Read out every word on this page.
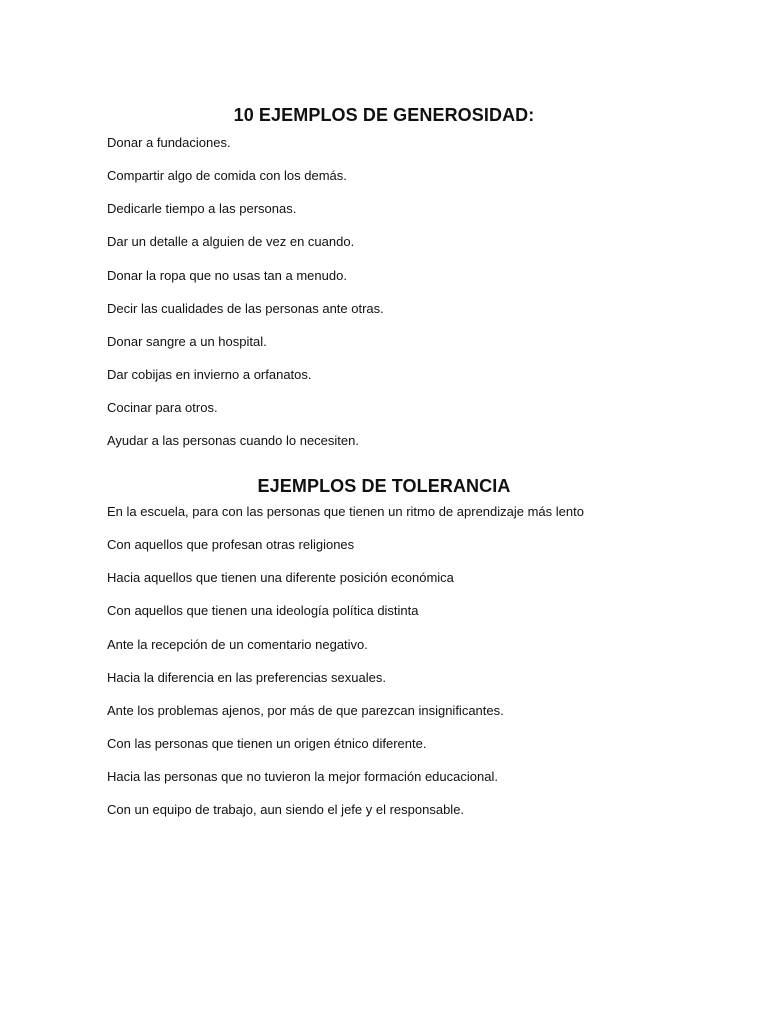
10 EJEMPLOS DE GENEROSIDAD:
Donar a fundaciones.
Compartir algo de comida con los demás.
Dedicarle tiempo a las personas.
Dar un detalle a alguien de vez en cuando.
Donar la ropa que no usas tan a menudo.
Decir las cualidades de las personas ante otras.
Donar sangre a un hospital.
Dar cobijas en invierno a orfanatos.
Cocinar para otros.
Ayudar a las personas cuando lo necesiten.
EJEMPLOS DE TOLERANCIA
En la escuela, para con las personas que tienen un ritmo de aprendizaje más lento
Con aquellos que profesan otras religiones
Hacia aquellos que tienen una diferente posición económica
Con aquellos que tienen una ideología política distinta
Ante la recepción de un comentario negativo.
Hacia la diferencia en las preferencias sexuales.
Ante los problemas ajenos, por más de que parezcan insignificantes.
Con las personas que tienen un origen étnico diferente.
Hacia las personas que no tuvieron la mejor formación educacional.
Con un equipo de trabajo, aun siendo el jefe y el responsable.
